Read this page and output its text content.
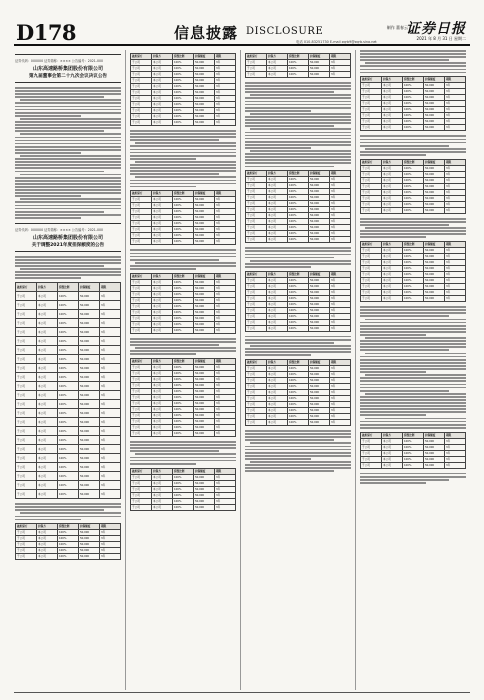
D178	信息披露 DISCLOSURE	制作 董春云
证券日报
2021 年 8 月 31 日 星期二
电话 010-83251730 E-mail zqrb9@zqrb.sina.net
证券代码：000000 证券简称：×××× 公告编号：2021-000
山东高速路桥集团股份有限公司
第九届董事会第二十九次会议决议公告
证券代码：000000 证券简称：×××× 公告编号：2021-000
山东高速路桥集团股份有限公司
关于调整2021年度担保额度的公告
被担保方	担保方	持股比例	担保额度	期限
子公司	本公司	100%	50,000	3年
子公司	本公司	100%	50,000	3年
子公司	本公司	100%	50,000	3年
子公司	本公司	100%	50,000	3年
子公司	本公司	100%	50,000	3年
子公司	本公司	100%	50,000	3年
子公司	本公司	100%	50,000	3年
子公司	本公司	100%	50,000	3年
子公司	本公司	100%	50,000	3年
子公司	本公司	100%	50,000	3年
子公司	本公司	100%	50,000	3年
子公司	本公司	100%	50,000	3年
子公司	本公司	100%	50,000	3年
子公司	本公司	100%	50,000	3年
子公司	本公司	100%	50,000	3年
子公司	本公司	100%	50,000	3年
子公司	本公司	100%	50,000	3年
子公司	本公司	100%	50,000	3年
子公司	本公司	100%	50,000	3年
子公司	本公司	100%	50,000	3年
子公司	本公司	100%	50,000	3年
子公司	本公司	100%	50,000	3年
子公司	本公司	100%	50,000	3年
被担保方	担保方	持股比例	担保额度	期限
子公司	本公司	100%	50,000	3年
子公司	本公司	100%	50,000	3年
子公司	本公司	100%	50,000	3年
子公司	本公司	100%	50,000	3年
子公司	本公司	100%	50,000	3年
被担保方	担保方	持股比例	担保额度	期限
子公司	本公司	100%	50,000	3年
子公司	本公司	100%	50,000	3年
子公司	本公司	100%	50,000	3年
子公司	本公司	100%	50,000	3年
子公司	本公司	100%	50,000	3年
子公司	本公司	100%	50,000	3年
子公司	本公司	100%	50,000	3年
子公司	本公司	100%	50,000	3年
子公司	本公司	100%	50,000	3年
子公司	本公司	100%	50,000	3年
子公司	本公司	100%	50,000	3年
被担保方	担保方	持股比例	担保额度	期限
子公司	本公司	100%	50,000	3年
子公司	本公司	100%	50,000	3年
子公司	本公司	100%	50,000	3年
子公司	本公司	100%	50,000	3年
子公司	本公司	100%	50,000	3年
子公司	本公司	100%	50,000	3年
子公司	本公司	100%	50,000	3年
子公司	本公司	100%	50,000	3年
被担保方	担保方	持股比例	担保额度	期限
子公司	本公司	100%	50,000	3年
子公司	本公司	100%	50,000	3年
子公司	本公司	100%	50,000	3年
子公司	本公司	100%	50,000	3年
子公司	本公司	100%	50,000	3年
子公司	本公司	100%	50,000	3年
子公司	本公司	100%	50,000	3年
子公司	本公司	100%	50,000	3年
子公司	本公司	100%	50,000	3年
被担保方	担保方	持股比例	担保额度	期限
子公司	本公司	100%	50,000	3年
子公司	本公司	100%	50,000	3年
子公司	本公司	100%	50,000	3年
子公司	本公司	100%	50,000	3年
子公司	本公司	100%	50,000	3年
子公司	本公司	100%	50,000	3年
子公司	本公司	100%	50,000	3年
子公司	本公司	100%	50,000	3年
子公司	本公司	100%	50,000	3年
子公司	本公司	100%	50,000	3年
子公司	本公司	100%	50,000	3年
子公司	本公司	100%	50,000	3年
被担保方	担保方	持股比例	担保额度	期限
子公司	本公司	100%	50,000	3年
子公司	本公司	100%	50,000	3年
子公司	本公司	100%	50,000	3年
子公司	本公司	100%	50,000	3年
子公司	本公司	100%	50,000	3年
子公司	本公司	100%	50,000	3年
被担保方	担保方	持股比例	担保额度	期限
子公司	本公司	100%	50,000	3年
子公司	本公司	100%	50,000	3年
子公司	本公司	100%	50,000	3年
被担保方	担保方	持股比例	担保额度	期限
子公司	本公司	100%	50,000	3年
子公司	本公司	100%	50,000	3年
子公司	本公司	100%	50,000	3年
子公司	本公司	100%	50,000	3年
子公司	本公司	100%	50,000	3年
子公司	本公司	100%	50,000	3年
子公司	本公司	100%	50,000	3年
子公司	本公司	100%	50,000	3年
子公司	本公司	100%	50,000	3年
子公司	本公司	100%	50,000	3年
子公司	本公司	100%	50,000	3年
被担保方	担保方	持股比例	担保额度	期限
子公司	本公司	100%	50,000	3年
子公司	本公司	100%	50,000	3年
子公司	本公司	100%	50,000	3年
子公司	本公司	100%	50,000	3年
子公司	本公司	100%	50,000	3年
子公司	本公司	100%	50,000	3年
子公司	本公司	100%	50,000	3年
子公司	本公司	100%	50,000	3年
子公司	本公司	100%	50,000	3年
被担保方	担保方	持股比例	担保额度	期限
子公司	本公司	100%	50,000	3年
子公司	本公司	100%	50,000	3年
子公司	本公司	100%	50,000	3年
子公司	本公司	100%	50,000	3年
子公司	本公司	100%	50,000	3年
子公司	本公司	100%	50,000	3年
子公司	本公司	100%	50,000	3年
子公司	本公司	100%	50,000	3年
子公司	本公司	100%	50,000	3年
子公司	本公司	100%	50,000	3年
被担保方	担保方	持股比例	担保额度	期限
子公司	本公司	100%	50,000	3年
子公司	本公司	100%	50,000	3年
子公司	本公司	100%	50,000	3年
子公司	本公司	100%	50,000	3年
子公司	本公司	100%	50,000	3年
子公司	本公司	100%	50,000	3年
子公司	本公司	100%	50,000	3年
子公司	本公司	100%	50,000	3年
被担保方	担保方	持股比例	担保额度	期限
子公司	本公司	100%	50,000	3年
子公司	本公司	100%	50,000	3年
子公司	本公司	100%	50,000	3年
子公司	本公司	100%	50,000	3年
子公司	本公司	100%	50,000	3年
子公司	本公司	100%	50,000	3年
子公司	本公司	100%	50,000	3年
子公司	本公司	100%	50,000	3年
被担保方	担保方	持股比例	担保额度	期限
子公司	本公司	100%	50,000	3年
子公司	本公司	100%	50,000	3年
子公司	本公司	100%	50,000	3年
子公司	本公司	100%	50,000	3年
子公司	本公司	100%	50,000	3年
子公司	本公司	100%	50,000	3年
子公司	本公司	100%	50,000	3年
子公司	本公司	100%	50,000	3年
子公司	本公司	100%	50,000	3年
被担保方	担保方	持股比例	担保额度	期限
子公司	本公司	100%	50,000	3年
子公司	本公司	100%	50,000	3年
子公司	本公司	100%	50,000	3年
子公司	本公司	100%	50,000	3年
子公司	本公司	100%	50,000	3年
